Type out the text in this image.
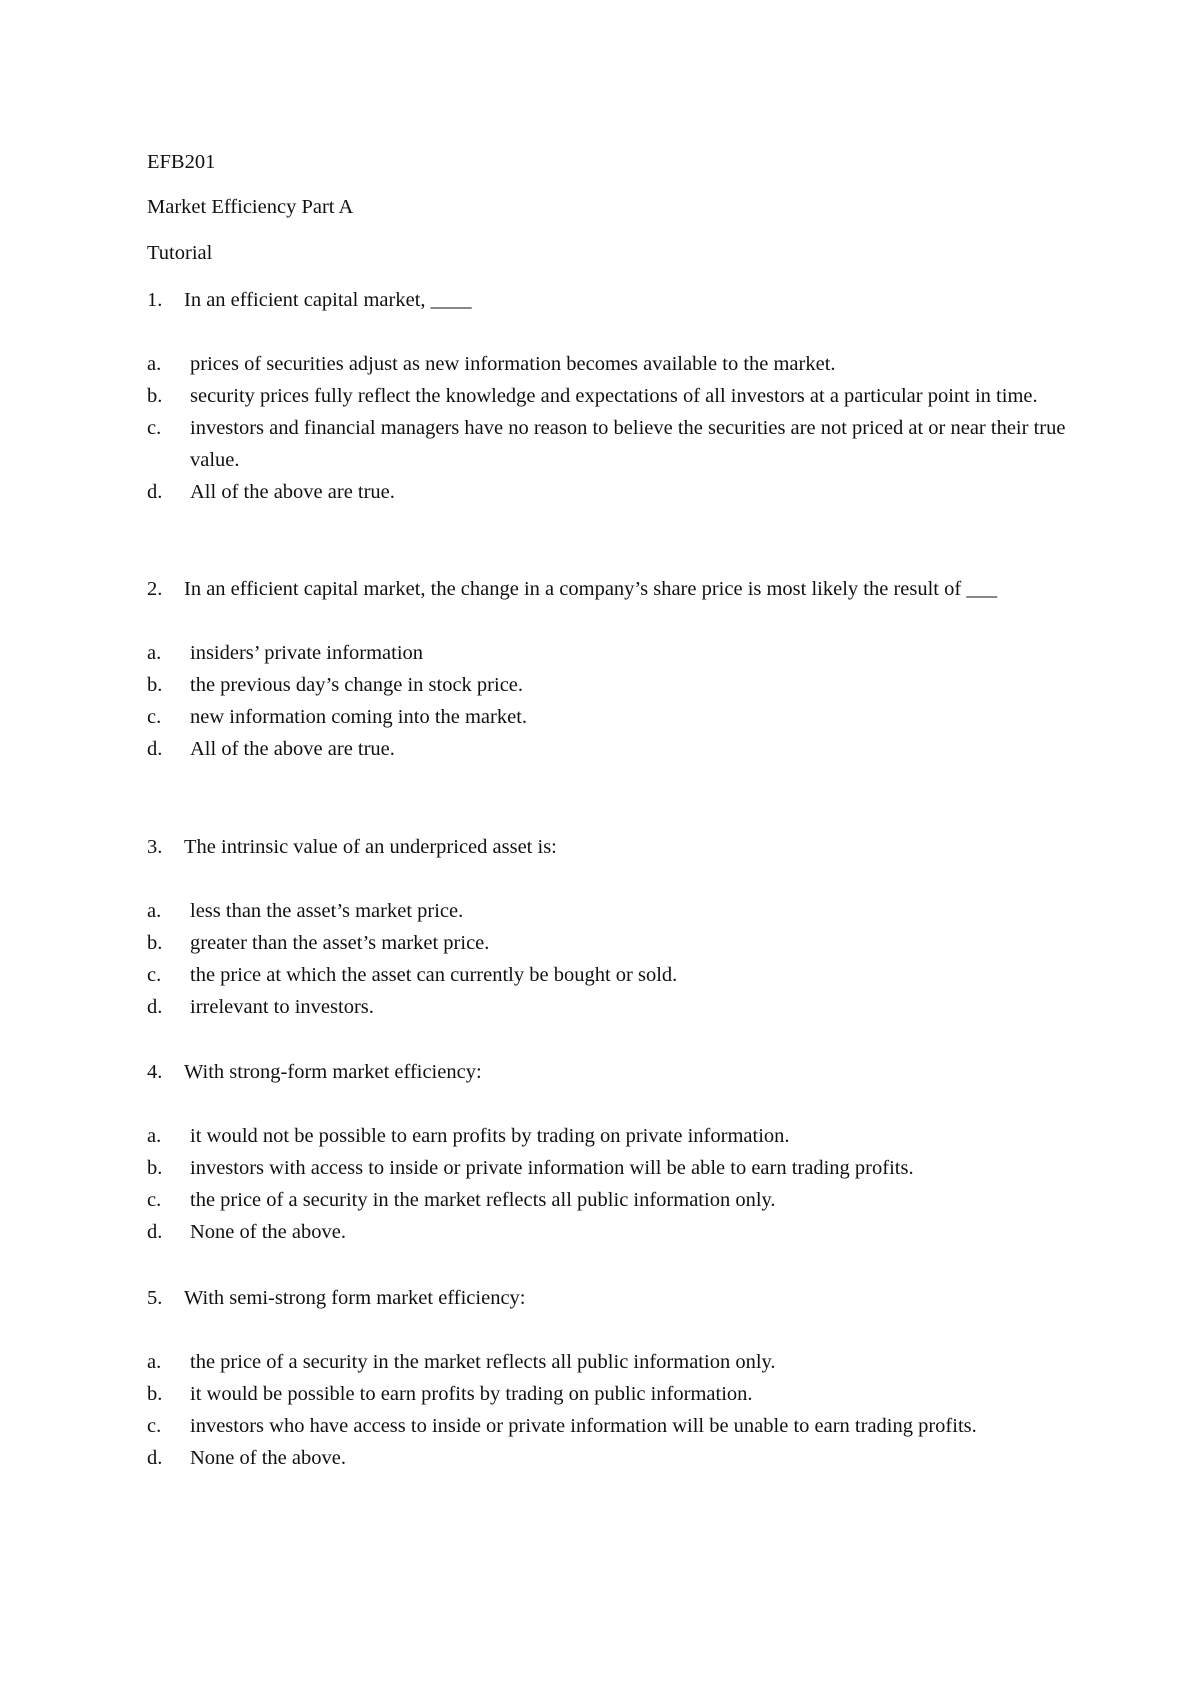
EFB201

Market Efficiency Part A

Tutorial

1. In an efficient capital market, ____

a. prices of securities adjust as new information becomes available to the market.
b. security prices fully reflect the knowledge and expectations of all investors at a particular point in time.
c. investors and financial managers have no reason to believe the securities are not priced at or near their true value.
d. All of the above are true.

2. In an efficient capital market, the change in a company’s share price is most likely the result of ___

a. insiders’ private information
b. the previous day’s change in stock price.
c. new information coming into the market.
d. All of the above are true.

3. The intrinsic value of an underpriced asset is:

a. less than the asset’s market price.
b. greater than the asset’s market price.
c. the price at which the asset can currently be bought or sold.
d. irrelevant to investors.

4. With strong-form market efficiency:

a. it would not be possible to earn profits by trading on private information.
b. investors with access to inside or private information will be able to earn trading profits.
c. the price of a security in the market reflects all public information only.
d. None of the above.

5. With semi-strong form market efficiency:

a. the price of a security in the market reflects all public information only.
b. it would be possible to earn profits by trading on public information.
c. investors who have access to inside or private information will be unable to earn trading profits.
d. None of the above.
